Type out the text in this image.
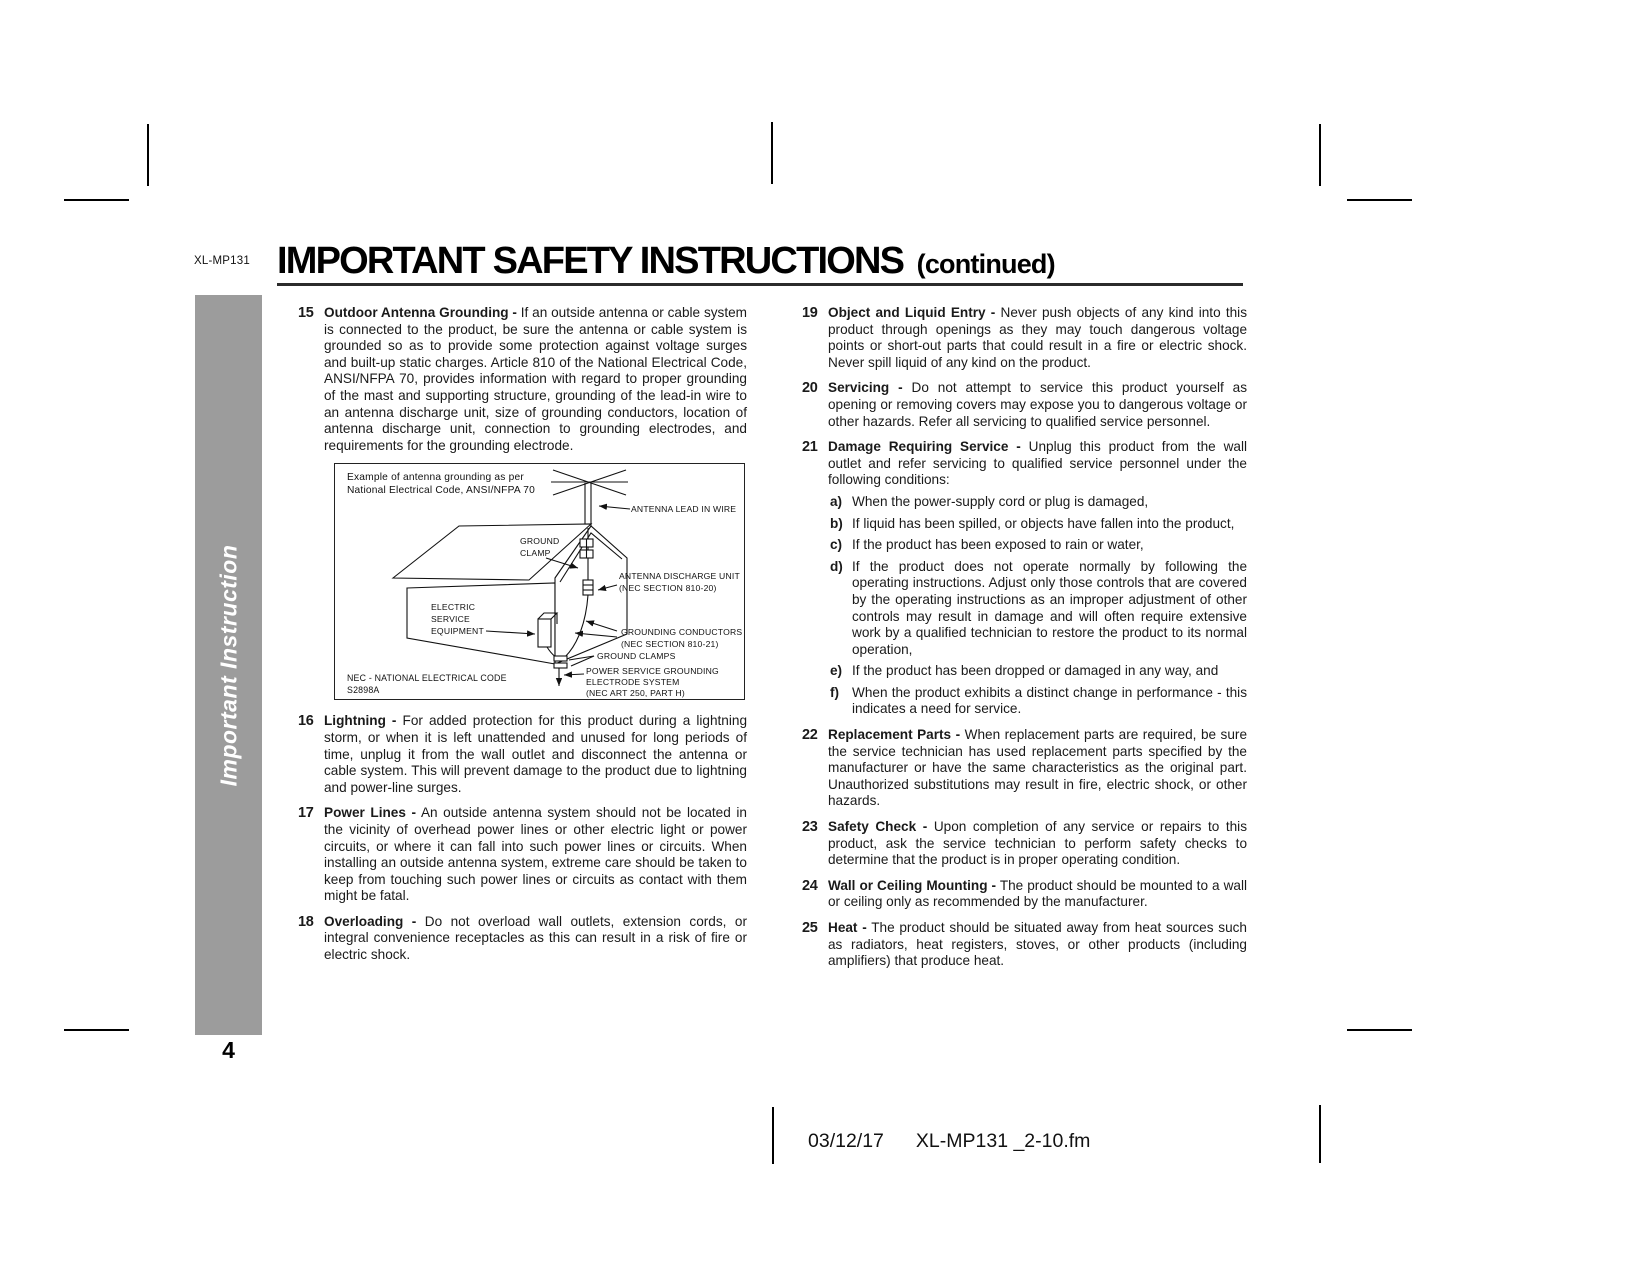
XL-MP131 IMPORTANT SAFETY INSTRUCTIONS (continued)
Important Instruction
4
15 Outdoor Antenna Grounding - If an outside antenna or cable system is connected to the product, be sure the antenna or cable system is grounded so as to provide some protection against voltage surges and built-up static charges. Article 810 of the National Electrical Code, ANSI/NFPA 70, provides information with regard to proper grounding of the mast and supporting structure, grounding of the lead-in wire to an antenna discharge unit, size of grounding conductors, location of antenna discharge unit, connection to grounding electrodes, and requirements for the grounding electrode.

Example of antenna grounding as per
National Electrical Code, ANSI/NFPA 70
ANTENNA LEAD IN WIRE
GROUND
CLAMP
ANTENNA DISCHARGE UNIT
(NEC SECTION 810-20)
ELECTRIC
SERVICE
EQUIPMENT	GROUNDING CONDUCTORS
(NEC SECTION 810-21)
GROUND CLAMPS
POWER SERVICE GROUNDING
ELECTRODE SYSTEM
(NEC ART 250, PART H)
NEC - NATIONAL ELECTRICAL CODE
S2898A
16 Lightning - For added protection for this product during a lightning storm, or when it is left unattended and unused for long periods of time, unplug it from the wall outlet and disconnect the antenna or cable system. This will prevent damage to the product due to lightning and power-line surges.

17 Power Lines - An outside antenna system should not be located in the vicinity of overhead power lines or other electric light or power circuits, or where it can fall into such power lines or circuits. When installing an outside antenna system, extreme care should be taken to keep from touching such power lines or circuits as contact with them might be fatal.

18 Overloading - Do not overload wall outlets, extension cords, or integral convenience receptacles as this can result in a risk of fire or electric shock.

19 Object and Liquid Entry - Never push objects of any kind into this product through openings as they may touch dangerous voltage points or short-out parts that could result in a fire or electric shock. Never spill liquid of any kind on the product.

20 Servicing - Do not attempt to service this product yourself as opening or removing covers may expose you to dangerous voltage or other hazards. Refer all servicing to qualified service personnel.

21 Damage Requiring Service - Unplug this product from the wall outlet and refer servicing to qualified service personnel under the following conditions:

a) When the power-supply cord or plug is damaged,

b) If liquid has been spilled, or objects have fallen into the product,

c) If the product has been exposed to rain or water,

d) If the product does not operate normally by following the operating instructions. Adjust only those controls that are covered by the operating instructions as an improper adjustment of other controls may result in damage and will often require extensive work by a qualified technician to restore the product to its normal operation,

e) If the product has been dropped or damaged in any way, and

f) When the product exhibits a distinct change in performance - this indicates a need for service.

22 Replacement Parts - When replacement parts are required, be sure the service technician has used replacement parts specified by the manufacturer or have the same characteristics as the original part. Unauthorized substitutions may result in fire, electric shock, or other hazards.

23 Safety Check - Upon completion of any service or repairs to this product, ask the service technician to perform safety checks to determine that the product is in proper operating condition.

24 Wall or Ceiling Mounting - The product should be mounted to a wall or ceiling only as recommended by the manufacturer.

25 Heat - The product should be situated away from heat sources such as radiators, heat registers, stoves, or other products (including amplifiers) that produce heat.

03/12/17 XL-MP131 _2-10.fm
